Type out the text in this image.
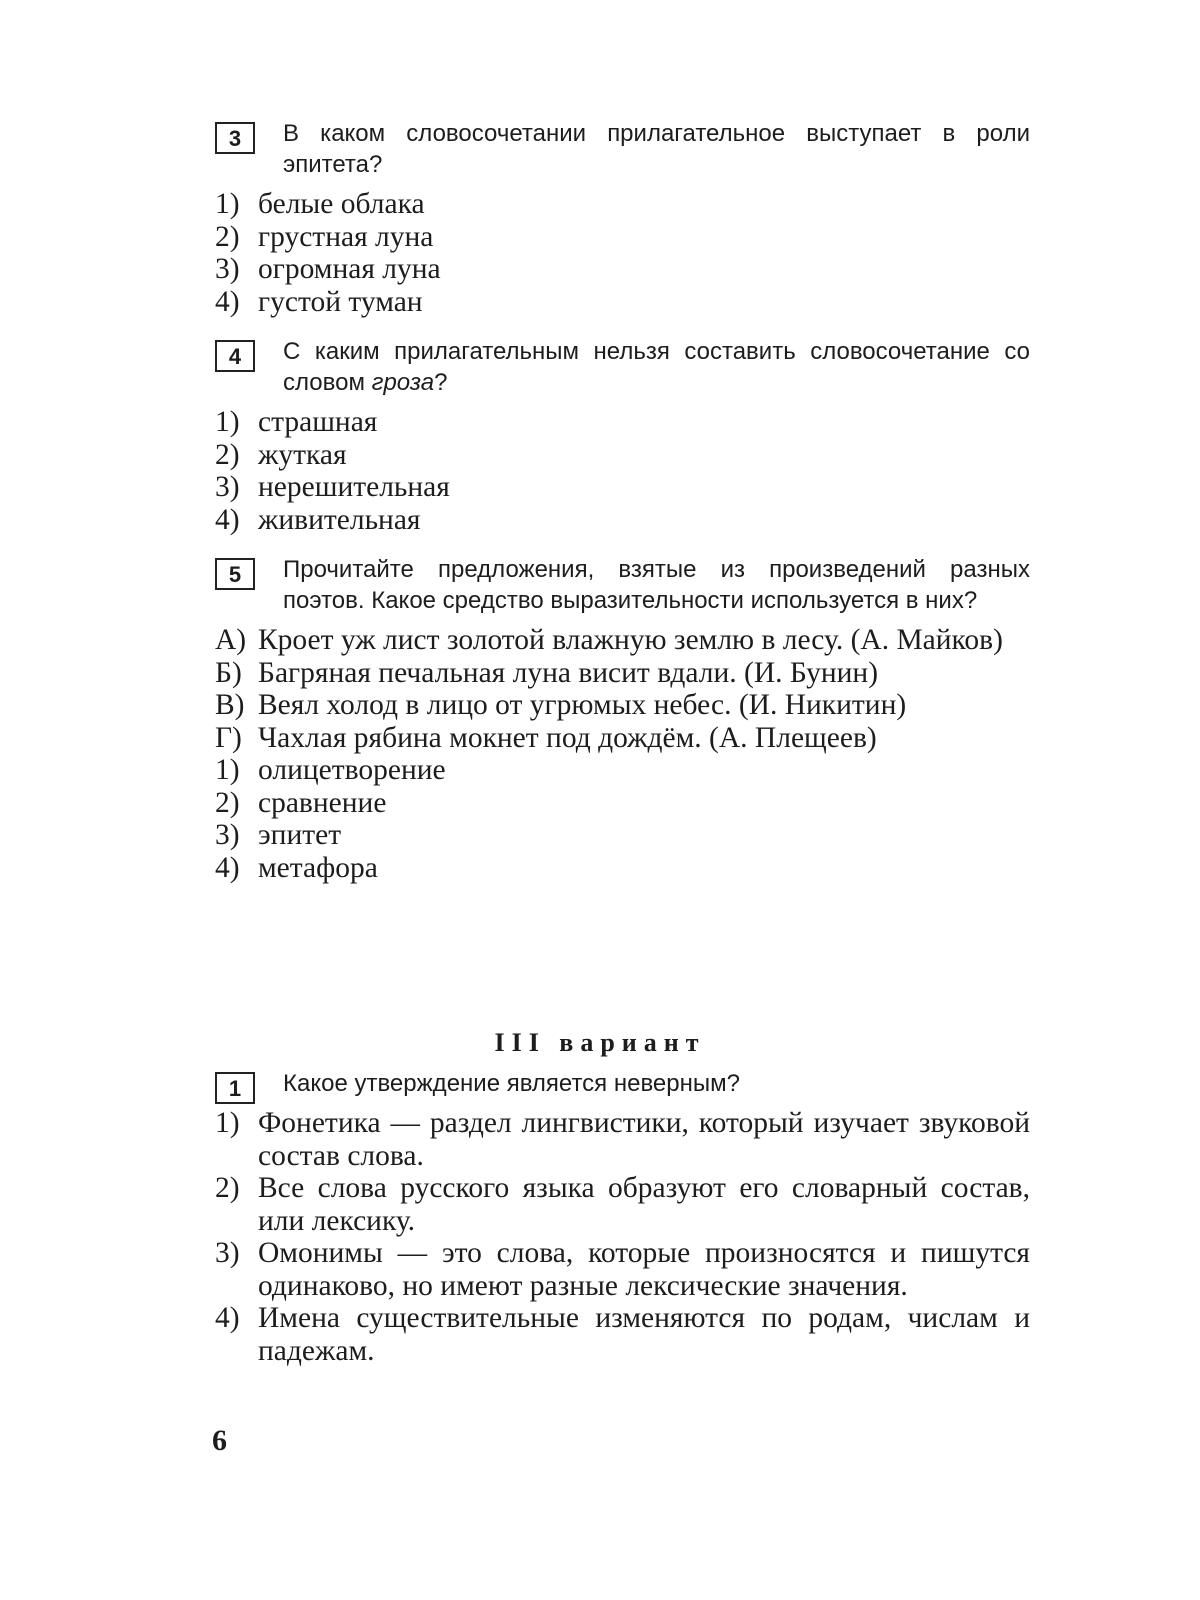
3	В каком словосочетании прилагательное выступает в роли эпитета?
1) белые облака
2) грустная луна
3) огромная луна
4) густой туман
4	С каким прилагательным нельзя составить словосочетание со словом гроза?
1) страшная
2) жуткая
3) нерешительная
4) живительная
5	Прочитайте предложения, взятые из произведений разных поэтов. Какое средство выразительности используется в них?
А) Кроет уж лист золотой влажную землю в лесу. (А. Майков)
Б) Багряная печальная луна висит вдали. (И. Бунин)
В) Веял холод в лицо от угрюмых небес. (И. Никитин)
Г) Чахлая рябина мокнет под дождём. (А. Плещеев)
1) олицетворение
2) сравнение
3) эпитет
4) метафора
III вариант
1	Какое утверждение является неверным?
1) Фонетика — раздел лингвистики, который изучает звуковой состав слова.
2) Все слова русского языка образуют его словарный состав, или лексику.
3) Омонимы — это слова, которые произносятся и пишутся одинаково, но имеют разные лексические значения.
4) Имена существительные изменяются по родам, числам и падежам.
6
